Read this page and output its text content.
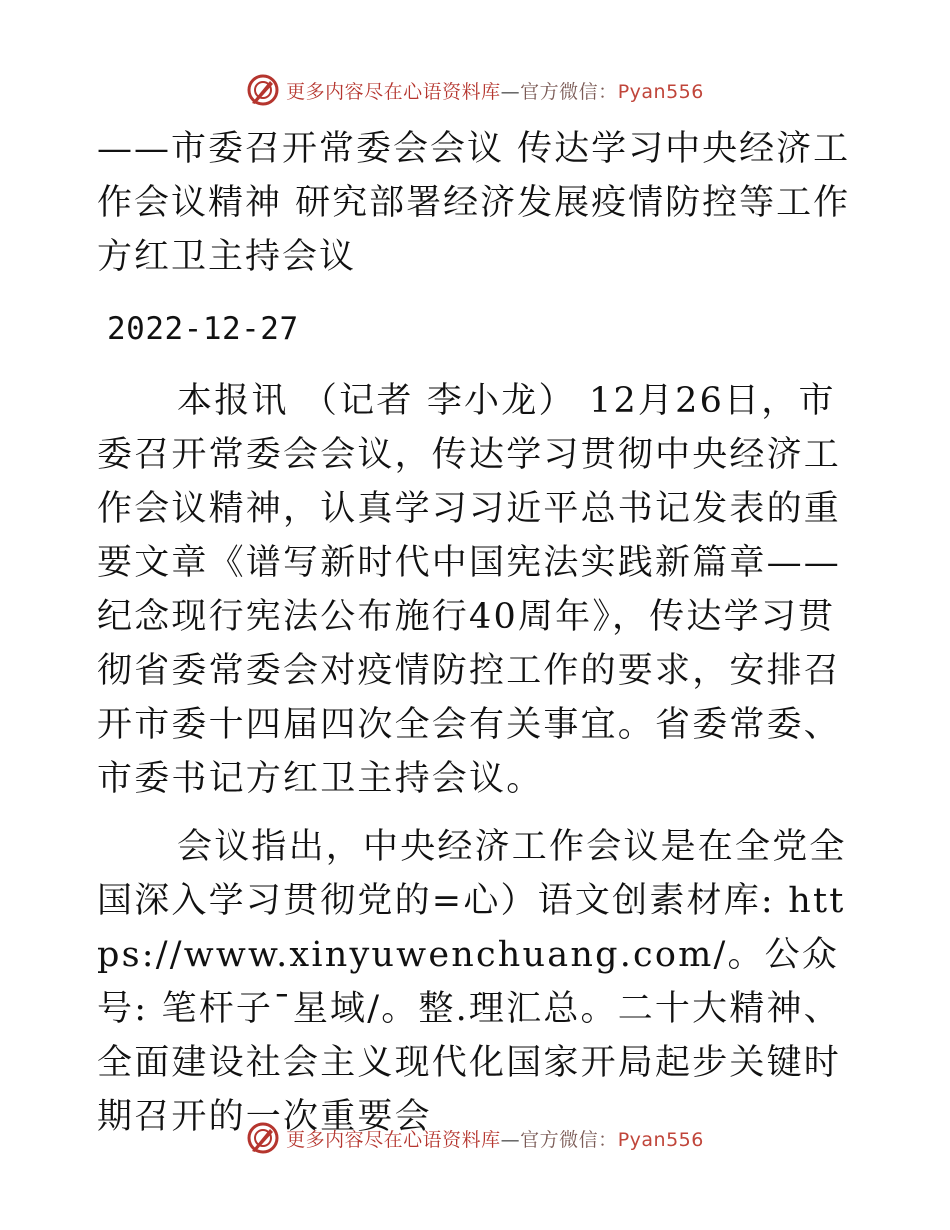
更多内容尽在心语资料库—官方微信：Pyan556
——市委召开常委会会议 传达学习中央经济工作会议精神 研究部署经济发展疫情防控等工作 方红卫主持会议
2022-12-27

本报讯 （记者 李小龙） 12月26日，市委召开常委会会议，传达学习贯彻中央经济工作会议精神，认真学习习近平总书记发表的重要文章《谱写新时代中国宪法实践新篇章——纪念现行宪法公布施行40周年》，传达学习贯彻省委常委会对疫情防控工作的要求，安排召开市委十四届四次全会有关事宜。省委常委、市委书记方红卫主持会议。

会议指出，中央经济工作会议是在全党全国深入学习贯彻党的=心）语文创素材库: https://www.xinyuwenchuang.com/。公众号: 笔杆子¯星域/。整.理汇总。二十大精神、全面建设社会主义现代化国家开局起步关键时期召开的一次重要会

更多内容尽在心语资料库—官方微信：Pyan556
